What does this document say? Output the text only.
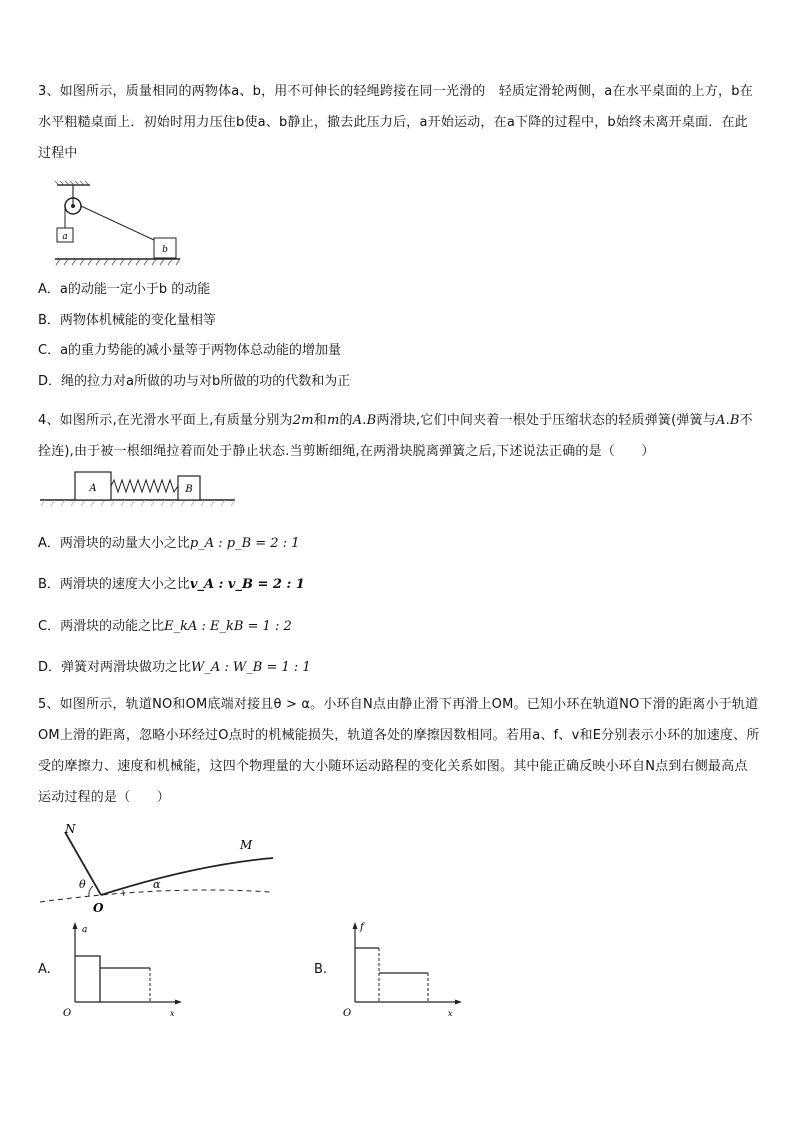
3、如图所示，质量相同的两物体a、b，用不可伸长的轻绳跨接在同一光滑的　轻质定滑轮两侧，a在水平桌面的上方，b在水平粗糙桌面上．初始时用力压住b使a、b静止，撤去此压力后，a开始运动，在a下降的过程中，b始终未离开桌面．在此过程中
a
b
A．a的动能一定小于b 的动能
B．两物体机械能的变化量相等
C．a的重力势能的减小量等于两物体总动能的增加量
D．绳的拉力对a所做的功与对b所做的功的代数和为正
4、如图所示,在光滑水平面上,有质量分别为2m和m的A.B两滑块,它们中间夹着一根处于压缩状态的轻质弹簧(弹簧与A.B不拴连),由于被一根细绳拉着而处于静止状态.当剪断细绳,在两滑块脱离弹簧之后,下述说法正确的是（　　）
A	B
A．两滑块的动量大小之比p_A : p_B = 2 : 1
B．两滑块的速度大小之比v_A : v_B = 2 : 1
C．两滑块的动能之比E_kA : E_kB = 1 : 2
D．弹簧对两滑块做功之比W_A : W_B = 1 : 1
5、如图所示，轨道NO和OM底端对接且θ > α。小环自N点由静止滑下再滑上OM。已知小环在轨道NO下滑的距离小于轨道OM上滑的距离，忽略小环经过O点时的机械能损失，轨道各处的摩擦因数相同。若用a、f、v和E分别表示小环的加速度、所受的摩擦力、速度和机械能，这四个物理量的大小随环运动路程的变化关系如图。其中能正确反映小环自N点到右侧最高点运动过程的是（　　）
N
M
O
θ	α
A.
a
x
O
B.
f
x
O
